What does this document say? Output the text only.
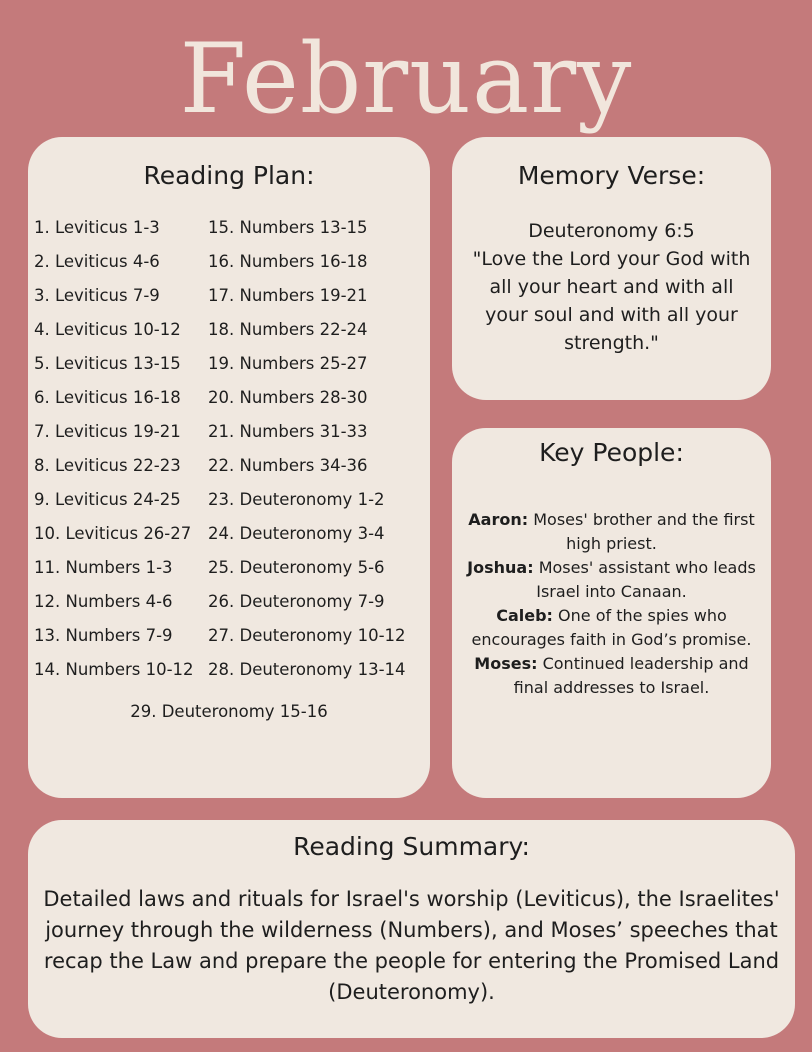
February
Reading Plan:
1. Leviticus 1-3
2. Leviticus 4-6
3. Leviticus 7-9
4. Leviticus 10-12
5. Leviticus 13-15
6. Leviticus 16-18
7. Leviticus 19-21
8. Leviticus 22-23
9. Leviticus 24-25
10. Leviticus 26-27
11. Numbers 1-3
12. Numbers 4-6
13. Numbers 7-9
14. Numbers 10-12
15. Numbers 13-15
16. Numbers 16-18
17. Numbers 19-21
18. Numbers 22-24
19. Numbers 25-27
20. Numbers 28-30
21. Numbers 31-33
22. Numbers 34-36
23. Deuteronomy 1-2
24. Deuteronomy 3-4
25. Deuteronomy 5-6
26. Deuteronomy 7-9
27. Deuteronomy 10-12
28. Deuteronomy 13-14
29. Deuteronomy 15-16
Memory Verse:
Deuteronomy 6:5
"Love the Lord your God with all your heart and with all your soul and with all your strength."
Key People:
Aaron: Moses' brother and the first high priest.
Joshua: Moses' assistant who leads Israel into Canaan.
Caleb: One of the spies who encourages faith in God’s promise.
Moses: Continued leadership and final addresses to Israel.
Reading Summary:
Detailed laws and rituals for Israel's worship (Leviticus), the Israelites' journey through the wilderness (Numbers), and Moses’ speeches that recap the Law and prepare the people for entering the Promised Land (Deuteronomy).
